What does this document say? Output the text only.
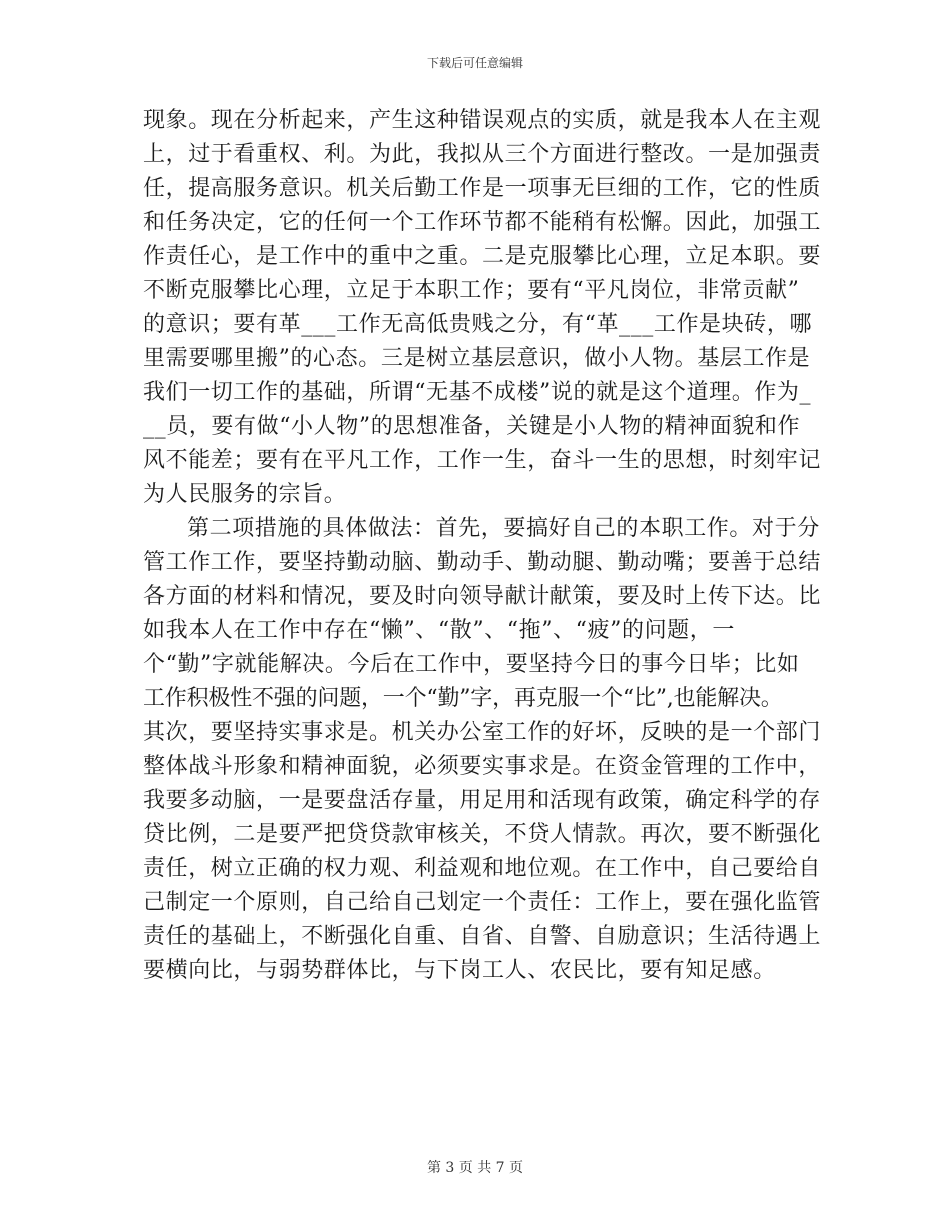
下载后可任意编辑
现象。现在分析起来，产生这种错误观点的实质，就是我本人在主观
上，过于看重权、利。为此，我拟从三个方面进行整改。一是加强责
任，提高服务意识。机关后勤工作是一项事无巨细的工作，它的性质
和任务决定，它的任何一个工作环节都不能稍有松懈。因此，加强工
作责任心，是工作中的重中之重。二是克服攀比心理，立足本职。要
不断克服攀比心理，立足于本职工作；要有“平凡岗位，非常贡献”
的意识；要有革___工作无高低贵贱之分，有“革___工作是块砖，哪
里需要哪里搬”的心态。三是树立基层意识，做小人物。基层工作是
我们一切工作的基础，所谓“无基不成楼”说的就是这个道理。作为_
__员，要有做“小人物”的思想准备，关键是小人物的精神面貌和作
风不能差；要有在平凡工作，工作一生，奋斗一生的思想，时刻牢记
为人民服务的宗旨。
第二项措施的具体做法：首先，要搞好自己的本职工作。对于分
管工作工作，要坚持勤动脑、勤动手、勤动腿、勤动嘴；要善于总结
各方面的材料和情况，要及时向领导献计献策，要及时上传下达。比
如我本人在工作中存在“懒”、“散”、“拖”、“疲”的问题，一
个“勤”字就能解决。今后在工作中，要坚持今日的事今日毕；比如
工作积极性不强的问题，一个“勤”字，再克服一个“比”,也能解决。
其次，要坚持实事求是。机关办公室工作的好坏，反映的是一个部门
整体战斗形象和精神面貌，必须要实事求是。在资金管理的工作中，
我要多动脑，一是要盘活存量，用足用和活现有政策，确定科学的存
贷比例，二是要严把贷贷款审核关，不贷人情款。再次，要不断强化
责任，树立正确的权力观、利益观和地位观。在工作中，自己要给自
己制定一个原则，自己给自己划定一个责任：工作上，要在强化监管
责任的基础上，不断强化自重、自省、自警、自励意识；生活待遇上
要横向比，与弱势群体比，与下岗工人、农民比，要有知足感。
第 3 页 共 7 页
